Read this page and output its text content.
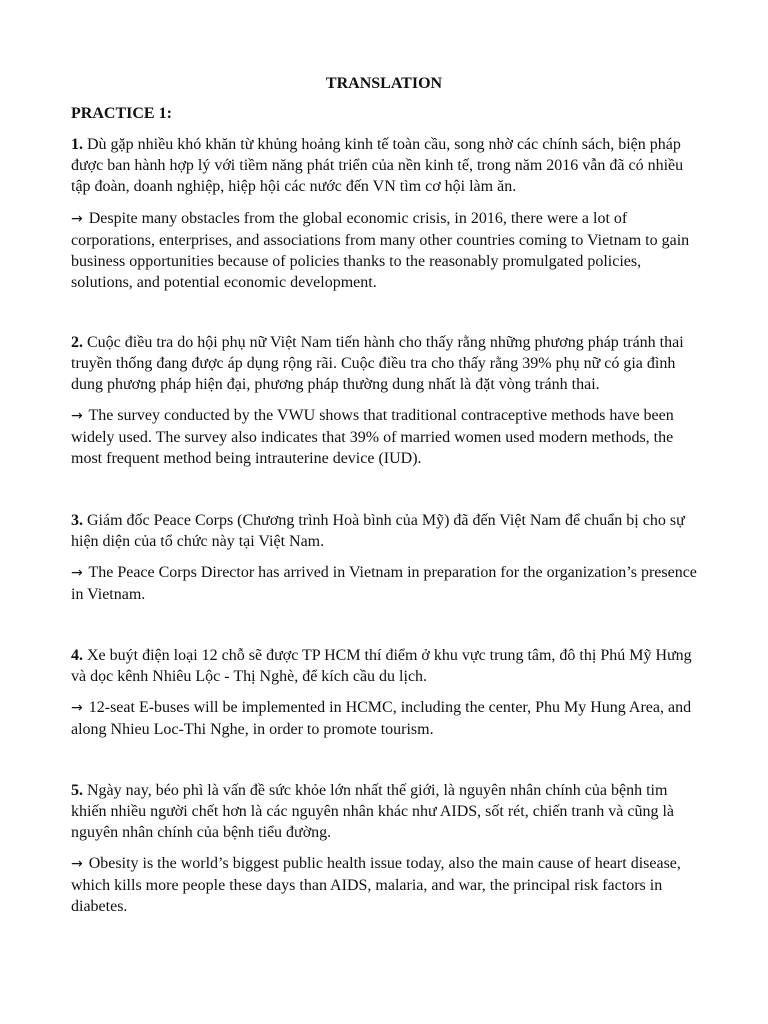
TRANSLATION
PRACTICE 1:

1. Dù gặp nhiều khó khăn từ khủng hoảng kinh tế toàn cầu, song nhờ các chính sách, biện pháp được ban hành hợp lý với tiềm năng phát triển của nền kinh tế, trong năm 2016 vẫn đã có nhiều tập đoàn, doanh nghiệp, hiệp hội các nước đến VN tìm cơ hội làm ăn.

→ Despite many obstacles from the global economic crisis, in 2016, there were a lot of corporations, enterprises, and associations from many other countries coming to Vietnam to gain business opportunities because of policies thanks to the reasonably promulgated policies, solutions, and potential economic development.

2. Cuộc điều tra do hội phụ nữ Việt Nam tiến hành cho thấy rằng những phương pháp tránh thai truyền thống đang được áp dụng rộng rãi. Cuộc điều tra cho thấy rằng 39% phụ nữ có gia đình dung phương pháp hiện đại, phương pháp thường dung nhất là đặt vòng tránh thai.

→ The survey conducted by the VWU shows that traditional contraceptive methods have been widely used. The survey also indicates that 39% of married women used modern methods, the most frequent method being intrauterine device (IUD).

3. Giám đốc Peace Corps (Chương trình Hoà bình của Mỹ) đã đến Việt Nam để chuẩn bị cho sự hiện diện của tổ chức này tại Việt Nam.

→ The Peace Corps Director has arrived in Vietnam in preparation for the organization’s presence in Vietnam.

4. Xe buýt điện loại 12 chỗ sẽ được TP HCM thí điểm ở khu vực trung tâm, đô thị Phú Mỹ Hưng và dọc kênh Nhiêu Lộc - Thị Nghè, để kích cầu du lịch.

→ 12-seat E-buses will be implemented in HCMC, including the center, Phu My Hung Area, and along Nhieu Loc-Thi Nghe, in order to promote tourism.

5. Ngày nay, béo phì là vấn đề sức khỏe lớn nhất thế giới, là nguyên nhân chính của bệnh tim khiến nhiều người chết hơn là các nguyên nhân khác như AIDS, sốt rét, chiến tranh và cũng là nguyên nhân chính của bệnh tiểu đường.

→ Obesity is the world’s biggest public health issue today, also the main cause of heart disease, which kills more people these days than AIDS, malaria, and war, the principal risk factors in diabetes.
